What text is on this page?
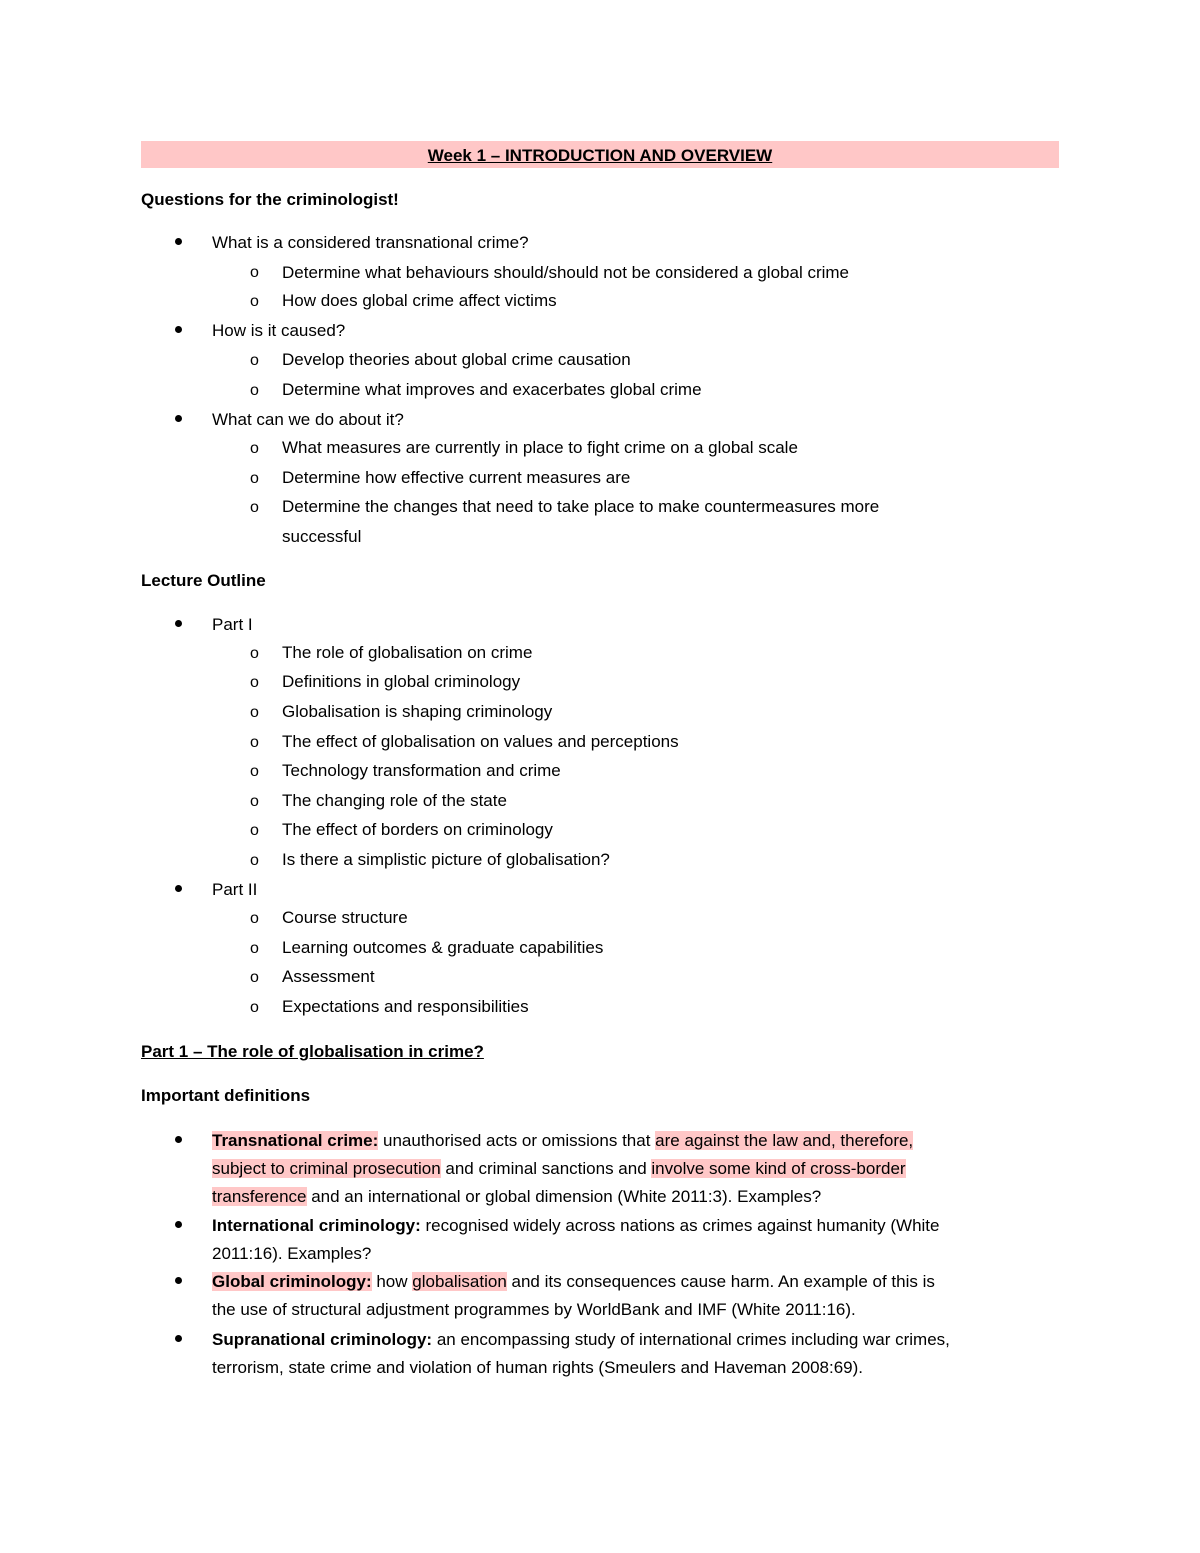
Week 1 – INTRODUCTION AND OVERVIEW
Questions for the criminologist!
What is a considered transnational crime?
o Determine what behaviours should/should not be considered a global crime
o How does global crime affect victims
How is it caused?
o Develop theories about global crime causation
o Determine what improves and exacerbates global crime
What can we do about it?
o What measures are currently in place to fight crime on a global scale
o Determine how effective current measures are
o Determine the changes that need to take place to make countermeasures more
successful
Lecture Outline
Part I
o The role of globalisation on crime
o Definitions in global criminology
o Globalisation is shaping criminology
o The effect of globalisation on values and perceptions
o Technology transformation and crime
o The changing role of the state
o The effect of borders on criminology
o Is there a simplistic picture of globalisation?
Part II
o Course structure
o Learning outcomes & graduate capabilities
o Assessment
o Expectations and responsibilities
Part 1 – The role of globalisation in crime?
Important definitions
Transnational crime: unauthorised acts or omissions that are against the law and, therefore,
subject to criminal prosecution and criminal sanctions and involve some kind of cross-border
transference and an international or global dimension (White 2011:3). Examples?
International criminology: recognised widely across nations as crimes against humanity (White
2011:16). Examples?
Global criminology: how globalisation and its consequences cause harm. An example of this is
the use of structural adjustment programmes by WorldBank and IMF (White 2011:16).
Supranational criminology: an encompassing study of international crimes including war crimes,
terrorism, state crime and violation of human rights (Smeulers and Haveman 2008:69).
